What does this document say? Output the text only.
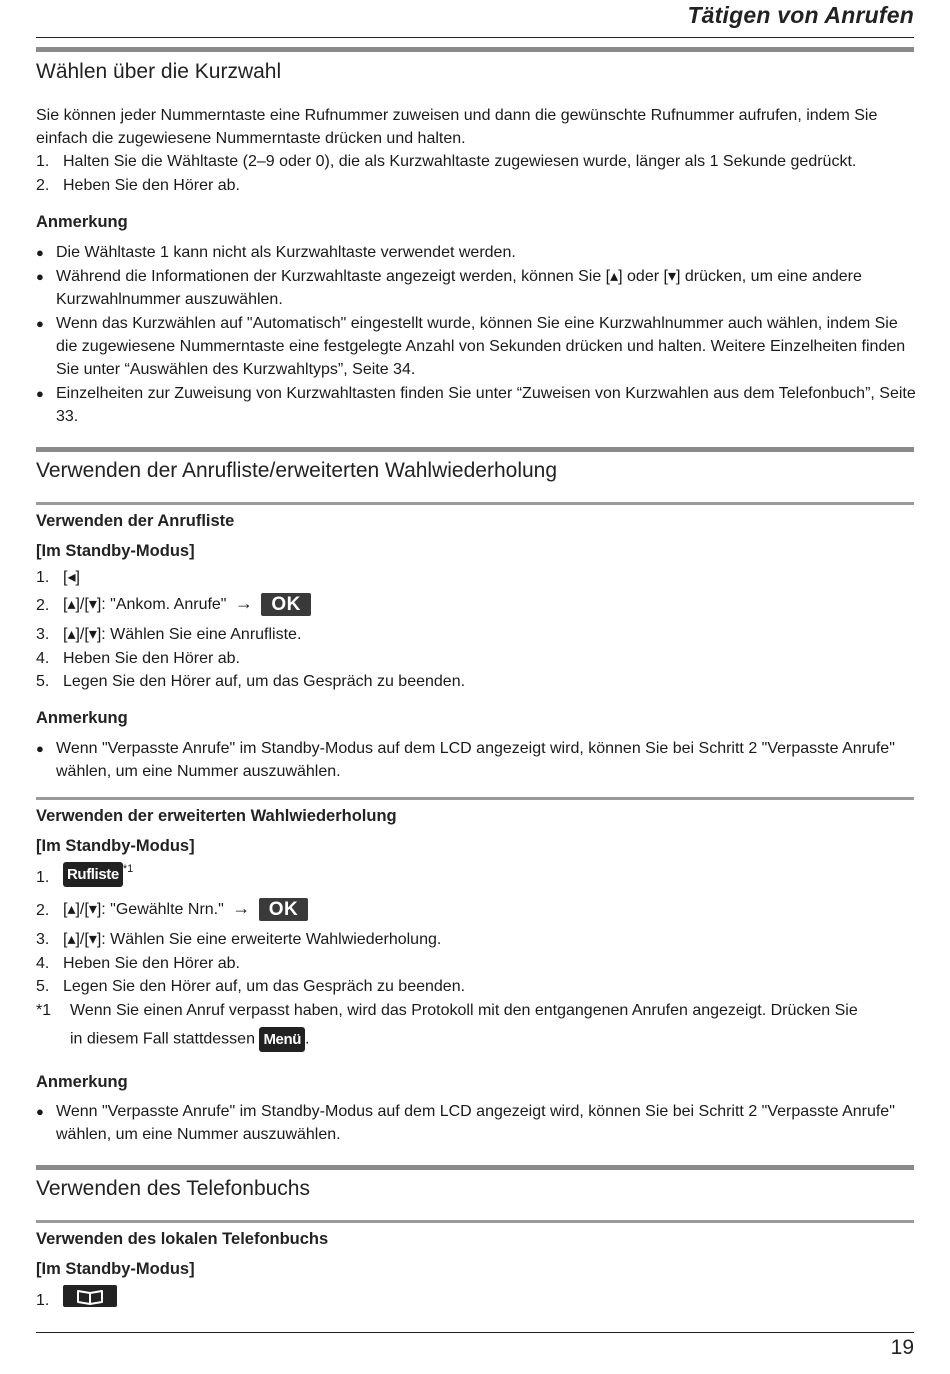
Tätigen von Anrufen
Wählen über die Kurzwahl
Sie können jeder Nummerntaste eine Rufnummer zuweisen und dann die gewünschte Rufnummer aufrufen, indem Sie einfach die zugewiesene Nummerntaste drücken und halten.
1. Halten Sie die Wähltaste (2–9 oder 0), die als Kurzwahltaste zugewiesen wurde, länger als 1 Sekunde gedrückt.
2. Heben Sie den Hörer ab.
Anmerkung
● Die Wähltaste 1 kann nicht als Kurzwahltaste verwendet werden.
● Während die Informationen der Kurzwahltaste angezeigt werden, können Sie [▴] oder [▾] drücken, um eine andere Kurzwahlnummer auszuwählen.
● Wenn das Kurzwählen auf "Automatisch" eingestellt wurde, können Sie eine Kurzwahlnummer auch wählen, indem Sie die zugewiesene Nummerntaste eine festgelegte Anzahl von Sekunden drücken und halten. Weitere Einzelheiten finden Sie unter “Auswählen des Kurzwahltyps”, Seite 34.
● Einzelheiten zur Zuweisung von Kurzwahltasten finden Sie unter “Zuweisen von Kurzwahlen aus dem Telefonbuch”, Seite 33.
Verwenden der Anrufliste/erweiterten Wahlwiederholung
Verwenden der Anrufliste
[Im Standby-Modus]
1. [◂]
2. [▴]/[▾]: "Ankom. Anrufe" → OK
3. [▴]/[▾]: Wählen Sie eine Anrufliste.
4. Heben Sie den Hörer ab.
5. Legen Sie den Hörer auf, um das Gespräch zu beenden.
Anmerkung
● Wenn "Verpasste Anrufe" im Standby-Modus auf dem LCD angezeigt wird, können Sie bei Schritt 2 "Verpasste Anrufe" wählen, um eine Nummer auszuwählen.
Verwenden der erweiterten Wahlwiederholung
[Im Standby-Modus]
1.	Rufliste $^{*1}$
2. [▴]/[▾]: "Gewählte Nrn." → OK
3. [▴]/[▾]: Wählen Sie eine erweiterte Wahlwiederholung.
4. Heben Sie den Hörer ab.
5. Legen Sie den Hörer auf, um das Gespräch zu beenden.
*1 Wenn Sie einen Anruf verpasst haben, wird das Protokoll mit den entgangenen Anrufen angezeigt. Drücken Sie
in diesem Fall stattdessen Menü .
Anmerkung
● Wenn "Verpasste Anrufe" im Standby-Modus auf dem LCD angezeigt wird, können Sie bei Schritt 2 "Verpasste Anrufe" wählen, um eine Nummer auszuwählen.
Verwenden des Telefonbuchs
Verwenden des lokalen Telefonbuchs
[Im Standby-Modus]
1.
19
